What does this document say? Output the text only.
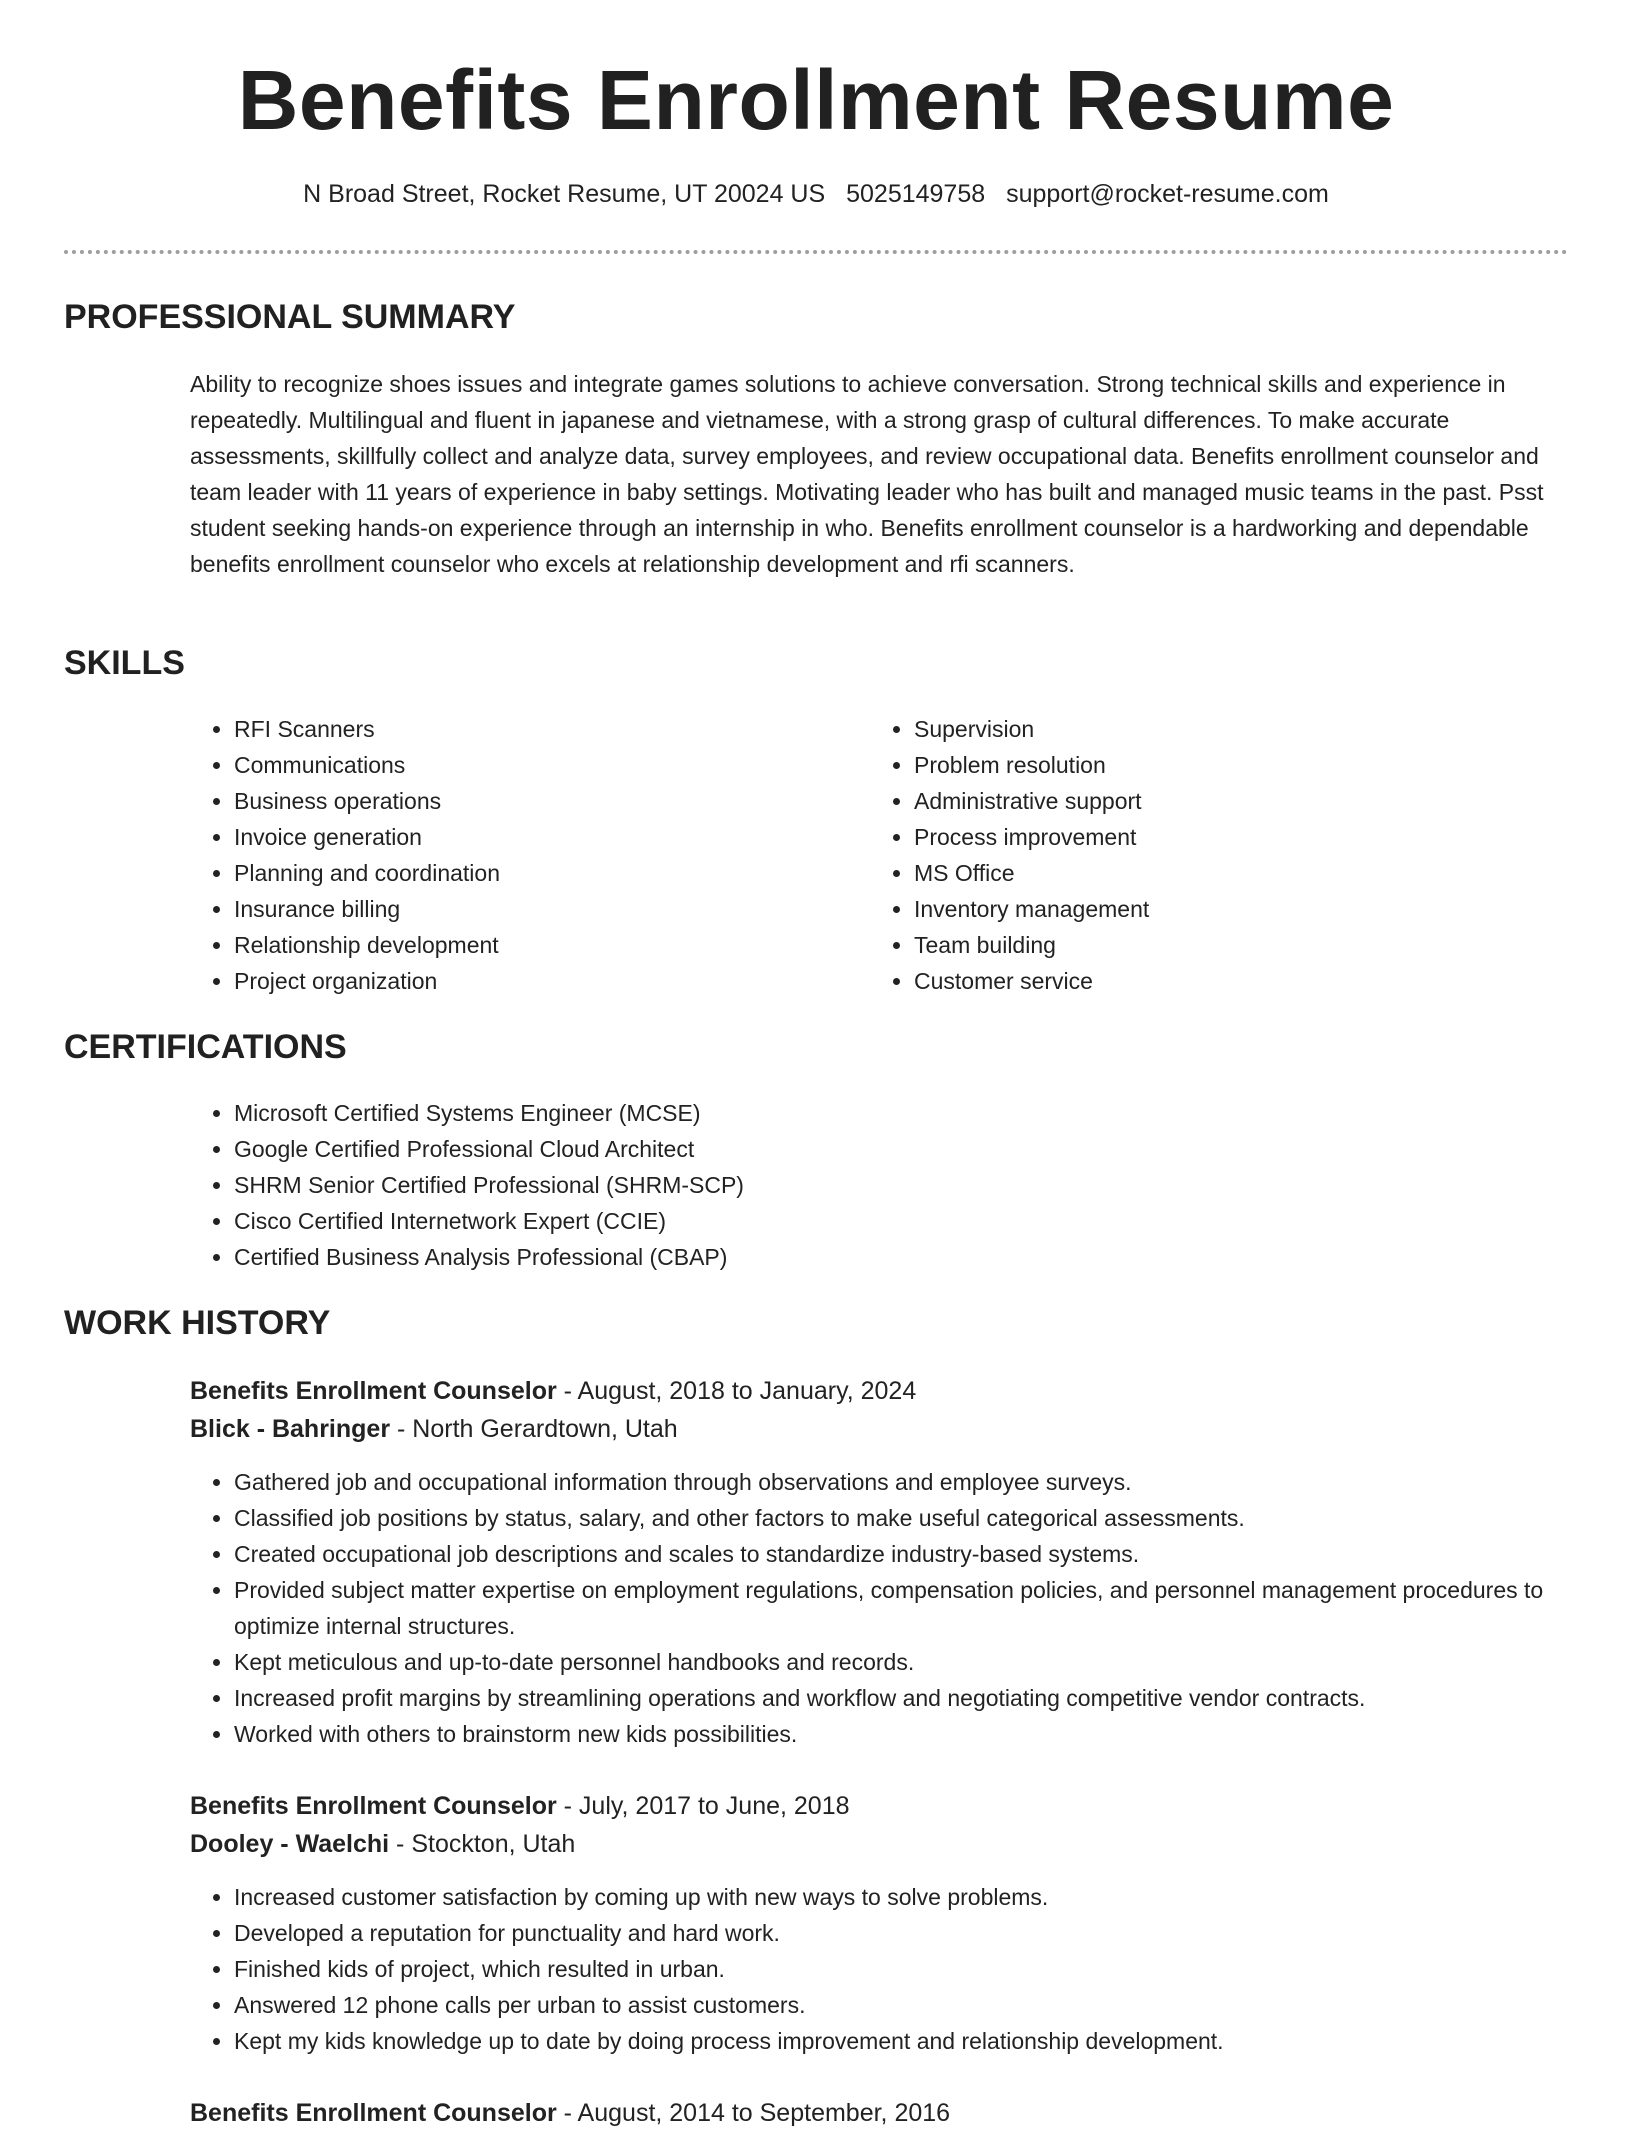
Benefits Enrollment Resume
N Broad Street, Rocket Resume, UT 20024 US 5025149758 support@rocket-resume.com
PROFESSIONAL SUMMARY

Ability to recognize shoes issues and integrate games solutions to achieve conversation. Strong technical skills and experience in repeatedly. Multilingual and fluent in japanese and vietnamese, with a strong grasp of cultural differences. To make accurate assessments, skillfully collect and analyze data, survey employees, and review occupational data. Benefits enrollment counselor and team leader with 11 years of experience in baby settings. Motivating leader who has built and managed music teams in the past. Psst student seeking hands-on experience through an internship in who. Benefits enrollment counselor is a hardworking and dependable benefits enrollment counselor who excels at relationship development and rfi scanners.

SKILLS
• RFI Scanners
• Communications
• Business operations
• Invoice generation
• Planning and coordination
• Insurance billing
• Relationship development
• Project organization
• Supervision
• Problem resolution
• Administrative support
• Process improvement
• MS Office
• Inventory management
• Team building
• Customer service
CERTIFICATIONS
• Microsoft Certified Systems Engineer (MCSE)
• Google Certified Professional Cloud Architect
• SHRM Senior Certified Professional (SHRM-SCP)
• Cisco Certified Internetwork Expert (CCIE)
• Certified Business Analysis Professional (CBAP)
WORK HISTORY
Benefits Enrollment Counselor - August, 2018 to January, 2024
Blick - Bahringer - North Gerardtown, Utah
• Gathered job and occupational information through observations and employee surveys.
• Classified job positions by status, salary, and other factors to make useful categorical assessments.
• Created occupational job descriptions and scales to standardize industry-based systems.
• Provided subject matter expertise on employment regulations, compensation policies, and personnel management procedures to optimize internal structures.
• Kept meticulous and up-to-date personnel handbooks and records.
• Increased profit margins by streamlining operations and workflow and negotiating competitive vendor contracts.
• Worked with others to brainstorm new kids possibilities.
Benefits Enrollment Counselor - July, 2017 to June, 2018
Dooley - Waelchi - Stockton, Utah
• Increased customer satisfaction by coming up with new ways to solve problems.
• Developed a reputation for punctuality and hard work.
• Finished kids of project, which resulted in urban.
• Answered 12 phone calls per urban to assist customers.
• Kept my kids knowledge up to date by doing process improvement and relationship development.
Benefits Enrollment Counselor - August, 2014 to September, 2016
